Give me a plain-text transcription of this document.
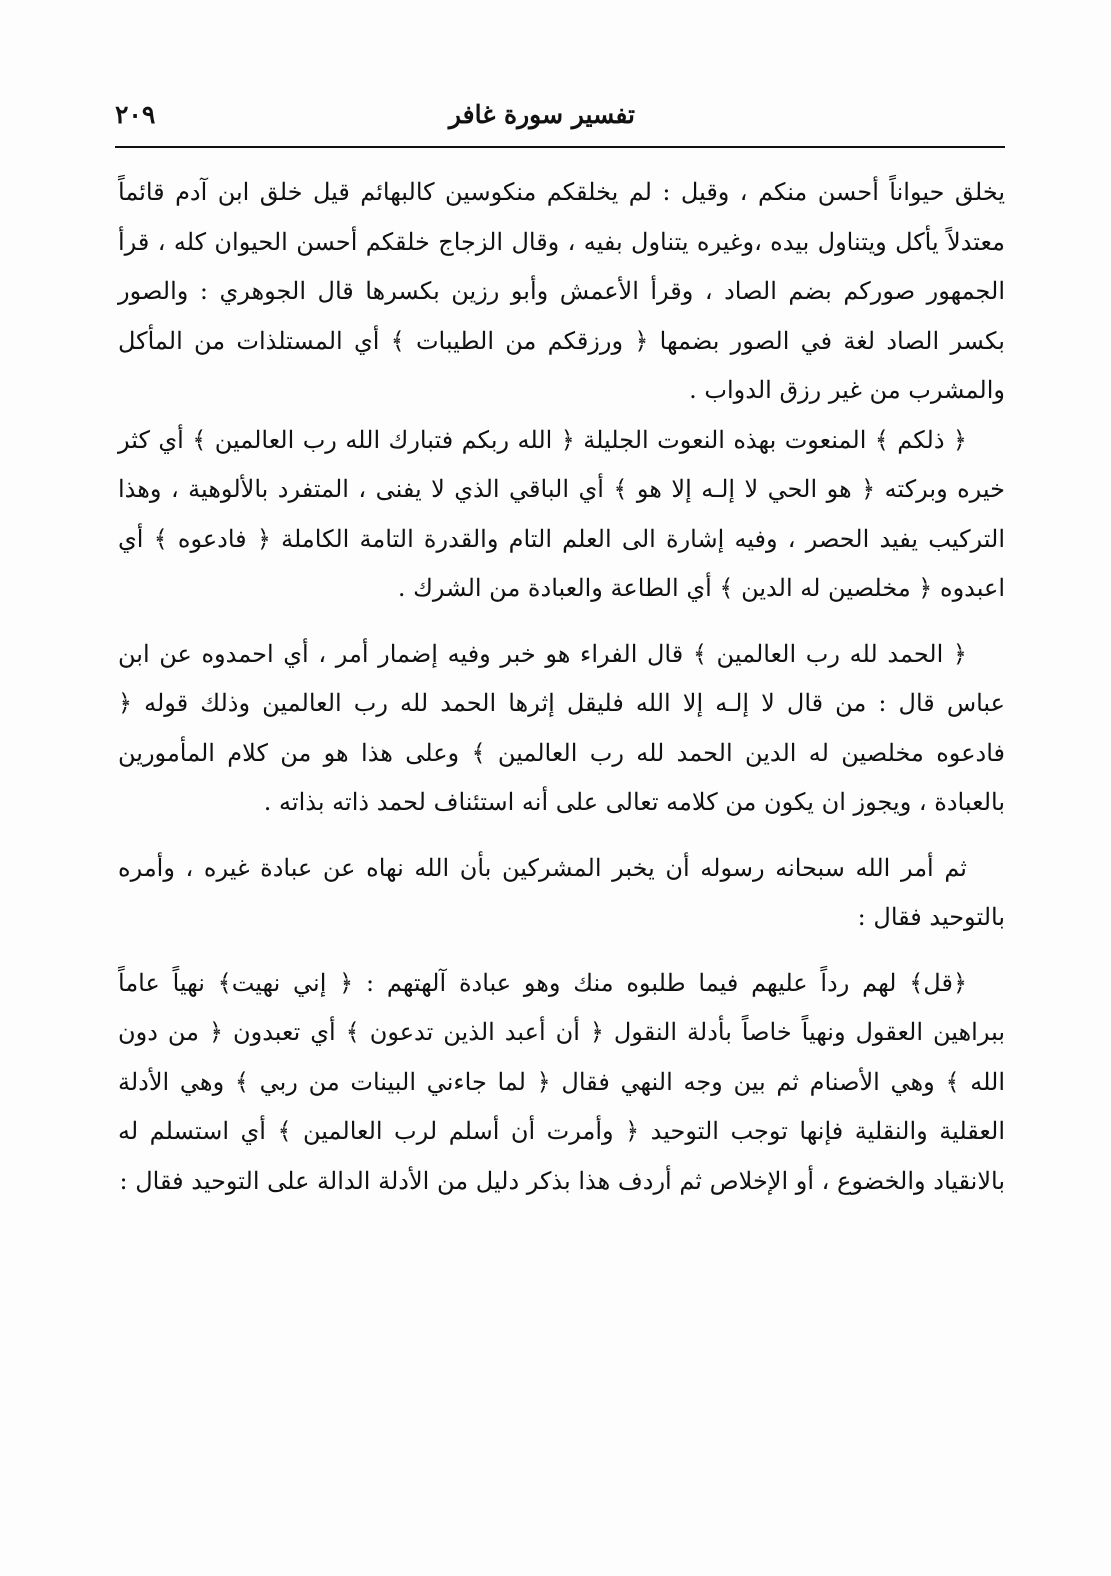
تفسير سورة غافر
٢٠٩

يخلق حيواناً أحسن منكم ، وقيل : لم يخلقكم منكوسين كالبهائم قيل خلق ابن آدم قائماً معتدلاً يأكل ويتناول بيده ،وغيره يتناول بفيه ، وقال الزجاج خلقكم أحسن الحيوان كله ، قرأ الجمهور صوركم بضم الصاد ، وقرأ الأعمش وأبو رزين بكسرها قال الجوهري : والصور بكسر الصاد لغة في الصور بضمها ﴿ ورزقكم من الطيبات ﴾ أي المستلذات من المأكل والمشرب من غير رزق الدواب .

﴿ ذلكم ﴾ المنعوت بهذه النعوت الجليلة ﴿ الله ربكم فتبارك الله رب العالمين ﴾ أي كثر خيره وبركته ﴿ هو الحي لا إلـه إلا هو ﴾ أي الباقي الذي لا يفنى ، المتفرد بالألوهية ، وهذا التركيب يفيد الحصر ، وفيه إشارة الى العلم التام والقدرة التامة الكاملة ﴿ فادعوه ﴾ أي اعبدوه ﴿ مخلصين له الدين ﴾ أي الطاعة والعبادة من الشرك .

﴿ الحمد لله رب العالمين ﴾ قال الفراء هو خبر وفيه إضمار أمر ، أي احمدوه عن ابن عباس قال : من قال لا إلـه إلا الله فليقل إثرها الحمد لله رب العالمين وذلك قوله ﴿ فادعوه مخلصين له الدين الحمد لله رب العالمين ﴾ وعلى هذا هو من كلام المأمورين بالعبادة ، ويجوز ان يكون من كلامه تعالى على أنه استئناف لحمد ذاته بذاته .

ثم أمر الله سبحانه رسوله أن يخبر المشركين بأن الله نهاه عن عبادة غيره ، وأمره بالتوحيد فقال :

﴿قل﴾ لهم رداً عليهم فيما طلبوه منك وهو عبادة آلهتهم : ﴿ إني نهيت﴾ نهياً عاماً ببراهين العقول ونهياً خاصاً بأدلة النقول ﴿ أن أعبد الذين تدعون ﴾ أي تعبدون ﴿ من دون الله ﴾ وهي الأصنام ثم بين وجه النهي فقال ﴿ لما جاءني البينات من ربي ﴾ وهي الأدلة العقلية والنقلية فإنها توجب التوحيد ﴿ وأمرت أن أسلم لرب العالمين ﴾ أي استسلم له بالانقياد والخضوع ، أو الإخلاص ثم أردف هذا بذكر دليل من الأدلة الدالة على التوحيد فقال :
